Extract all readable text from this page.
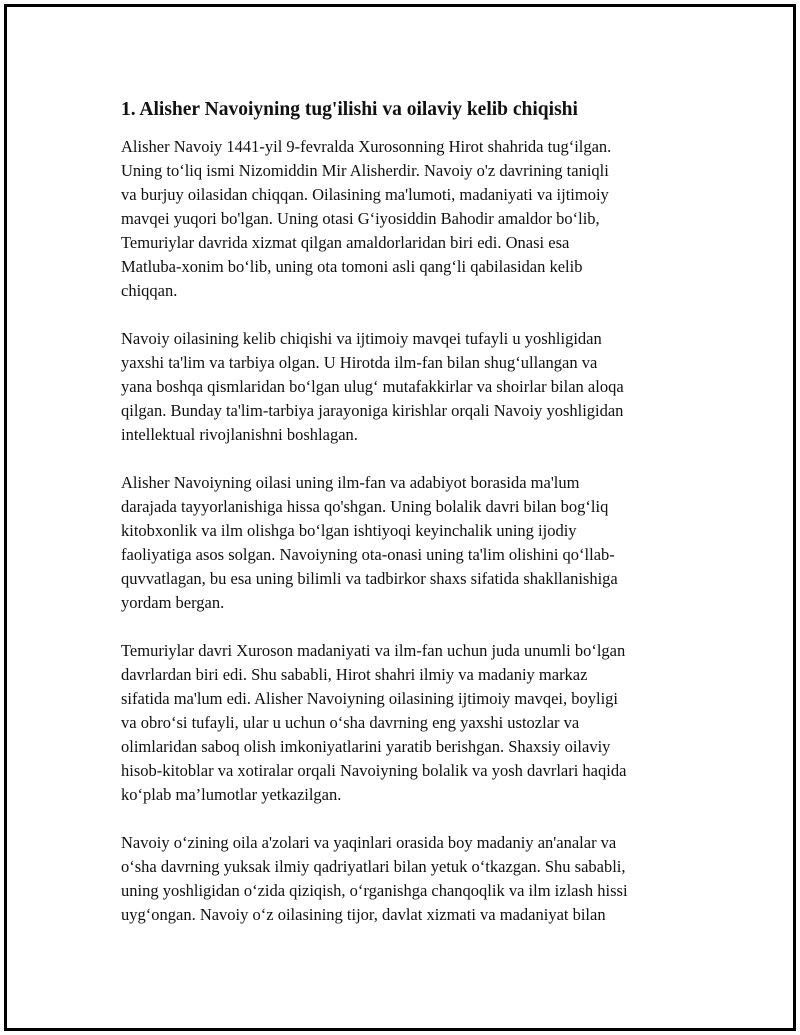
1. Alisher Navoiyning tug'ilishi va oilaviy kelib chiqishi

Alisher Navoiy 1441-yil 9-fevralda Xurosonning Hirot shahrida tug‘ilgan.
Uning to‘liq ismi Nizomiddin Mir Alisherdir. Navoiy o'z davrining taniqli
va burjuy oilasidan chiqqan. Oilasining ma'lumoti, madaniyati va ijtimoiy
mavqei yuqori bo'lgan. Uning otasi G‘iyosiddin Bahodir amaldor bo‘lib,
Temuriylar davrida xizmat qilgan amaldorlaridan biri edi. Onasi esa
Matluba-xonim bo‘lib, uning ota tomoni asli qang‘li qabilasidan kelib
chiqqan.

Navoiy oilasining kelib chiqishi va ijtimoiy mavqei tufayli u yoshligidan
yaxshi ta'lim va tarbiya olgan. U Hirotda ilm-fan bilan shug‘ullangan va
yana boshqa qismlaridan bo‘lgan ulug‘ mutafakkirlar va shoirlar bilan aloqa
qilgan. Bunday ta'lim-tarbiya jarayoniga kirishlar orqali Navoiy yoshligidan
intellektual rivojlanishni boshlagan.

Alisher Navoiyning oilasi uning ilm-fan va adabiyot borasida ma'lum
darajada tayyorlanishiga hissa qo'shgan. Uning bolalik davri bilan bog‘liq
kitobxonlik va ilm olishga bo‘lgan ishtiyoqi keyinchalik uning ijodiy
faoliyatiga asos solgan. Navoiyning ota-onasi uning ta'lim olishini qo‘llab-
quvvatlagan, bu esa uning bilimli va tadbirkor shaxs sifatida shakllanishiga
yordam bergan.

Temuriylar davri Xuroson madaniyati va ilm-fan uchun juda unumli bo‘lgan
davrlardan biri edi. Shu sababli, Hirot shahri ilmiy va madaniy markaz
sifatida ma'lum edi. Alisher Navoiyning oilasining ijtimoiy mavqei, boyligi
va obro‘si tufayli, ular u uchun o‘sha davrning eng yaxshi ustozlar va
olimlaridan saboq olish imkoniyatlarini yaratib berishgan. Shaxsiy oilaviy
hisob-kitoblar va xotiralar orqali Navoiyning bolalik va yosh davrlari haqida
ko‘plab ma’lumotlar yetkazilgan.

Navoiy o‘zining oila a'zolari va yaqinlari orasida boy madaniy an'analar va
o‘sha davrning yuksak ilmiy qadriyatlari bilan yetuk o‘tkazgan. Shu sababli,
uning yoshligidan o‘zida qiziqish, o‘rganishga chanqoqlik va ilm izlash hissi
uyg‘ongan. Navoiy o‘z oilasining tijor, davlat xizmati va madaniyat bilan
